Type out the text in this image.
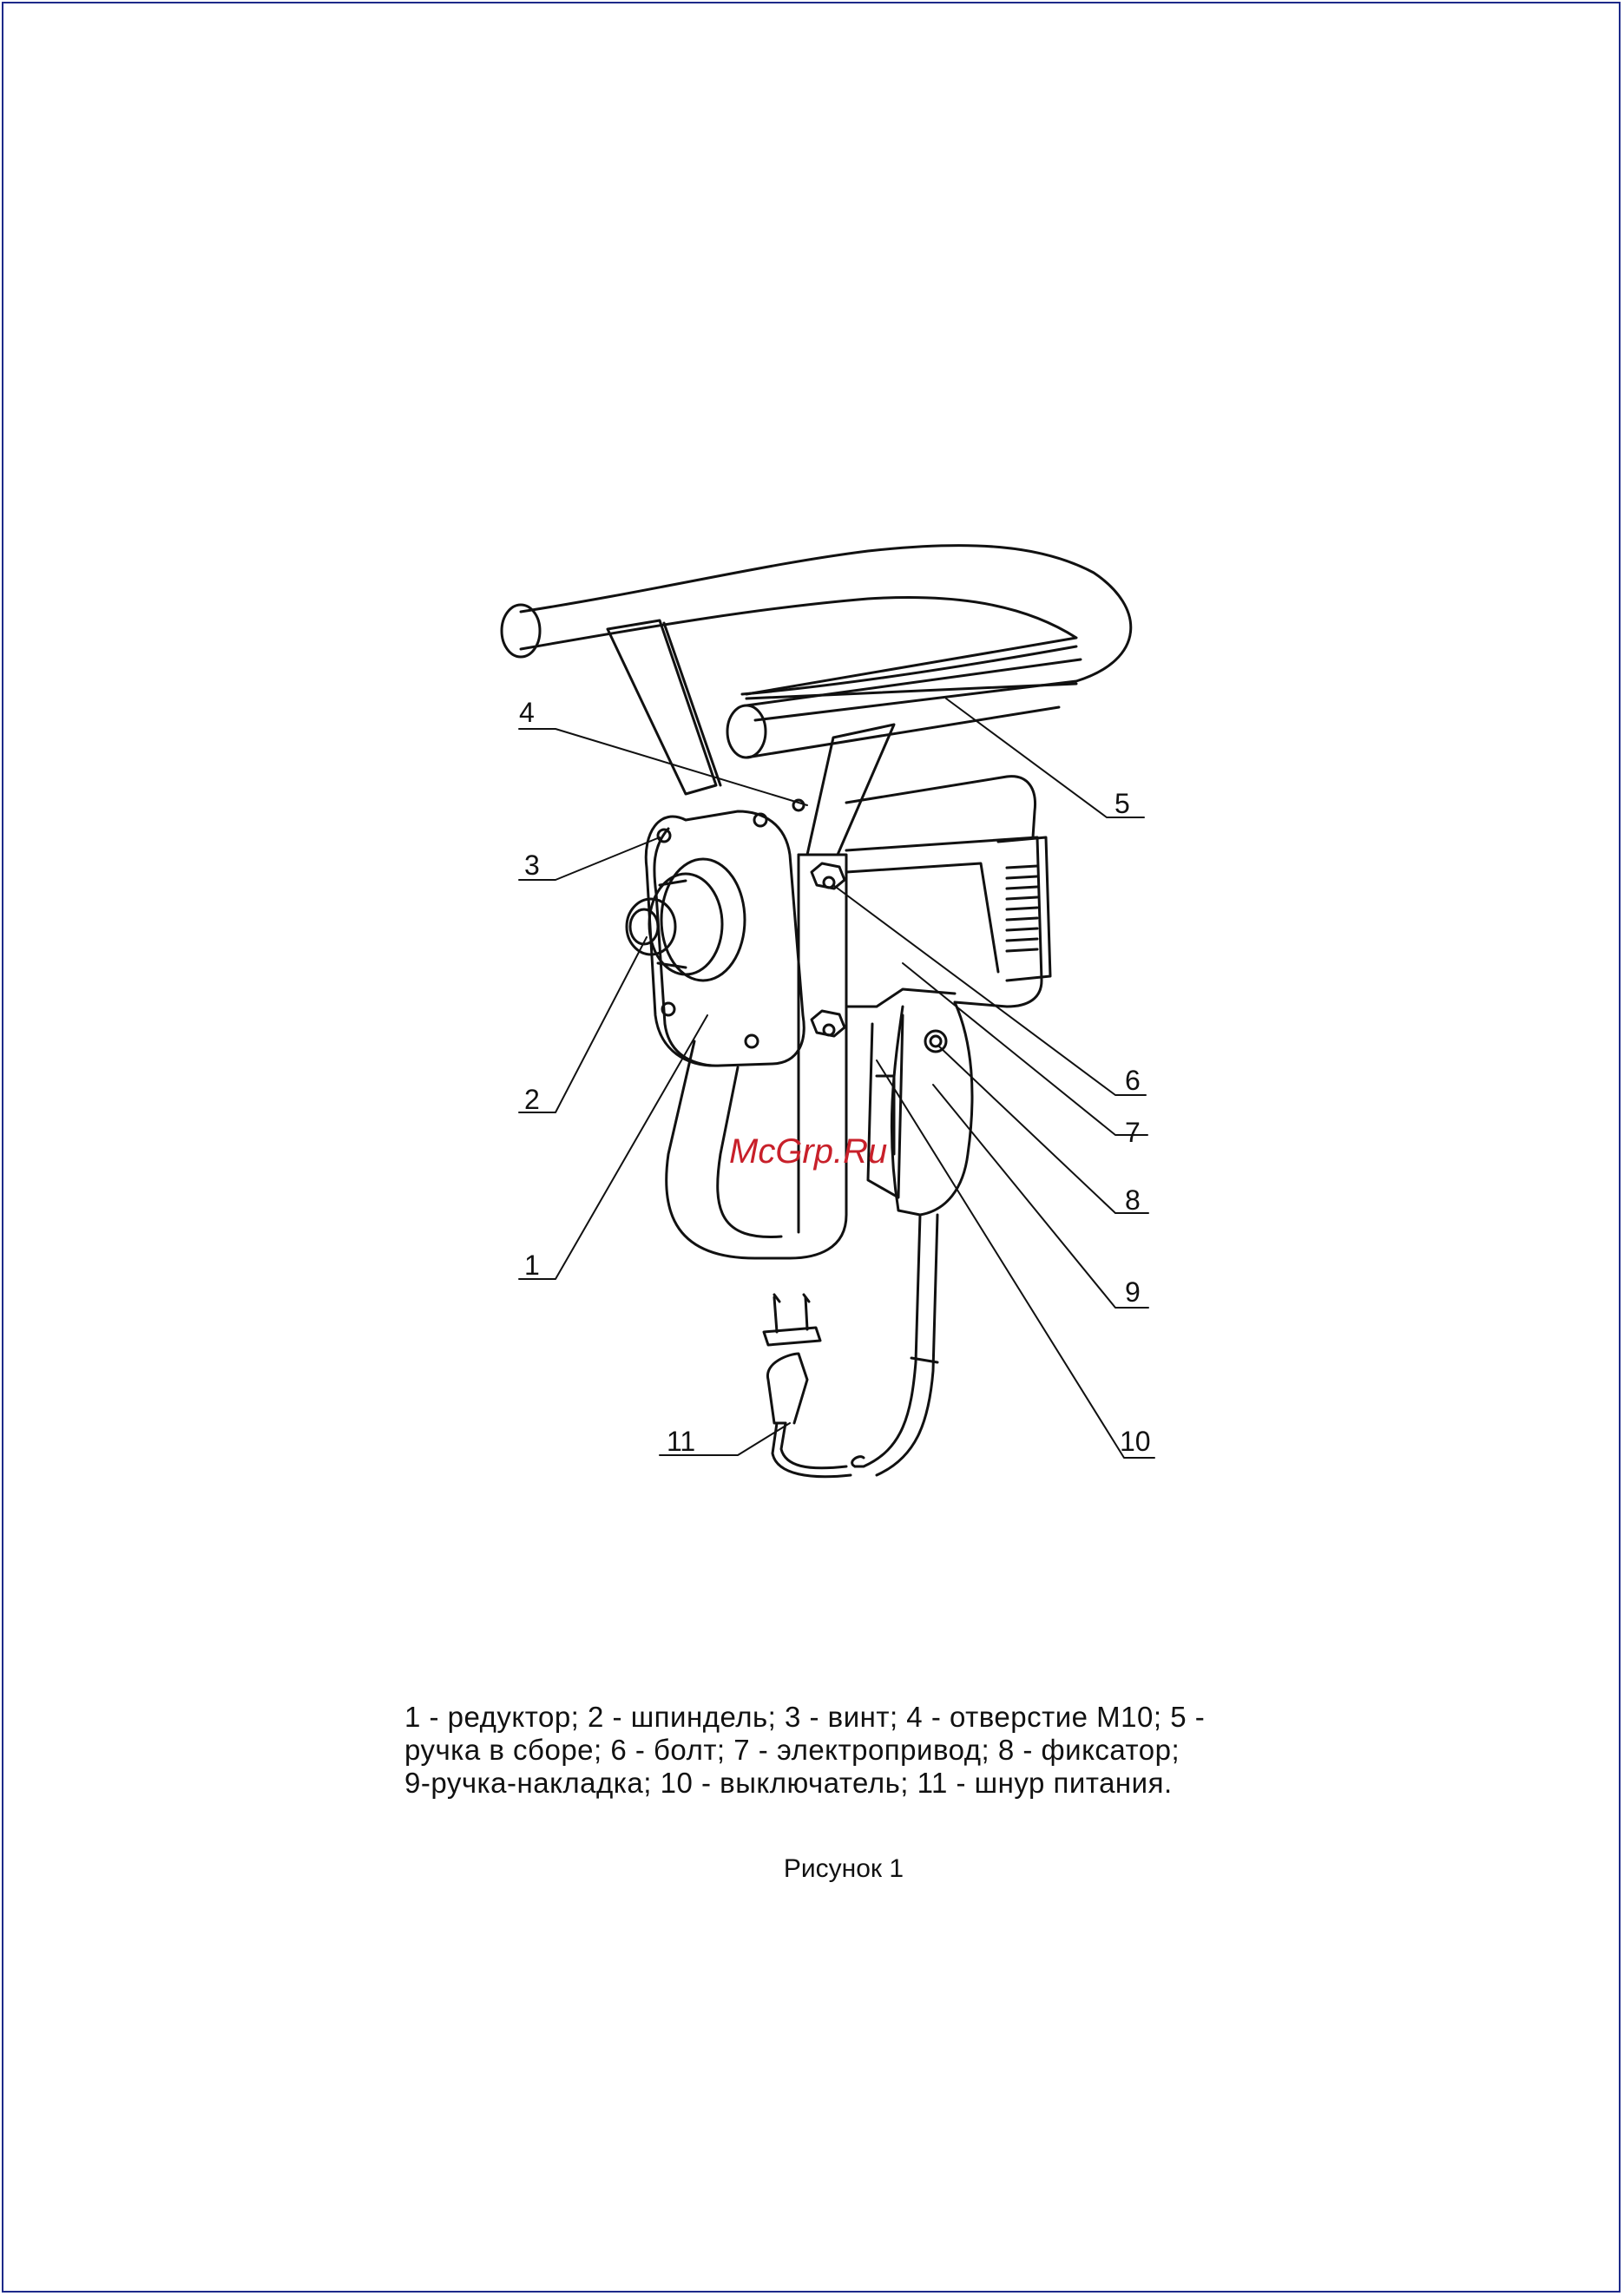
1
2
3
4
5
6
7
8
9
10
11
McGrp.Ru
1 - редуктор; 2 - шпиндель; 3 - винт; 4 - отверстие М10; 5 -
ручка в сборе; 6 - болт; 7 - электропривод; 8 - фиксатор;
9-ручка-накладка; 10 - выключатель; 11 - шнур питания.
Рисунок 1
